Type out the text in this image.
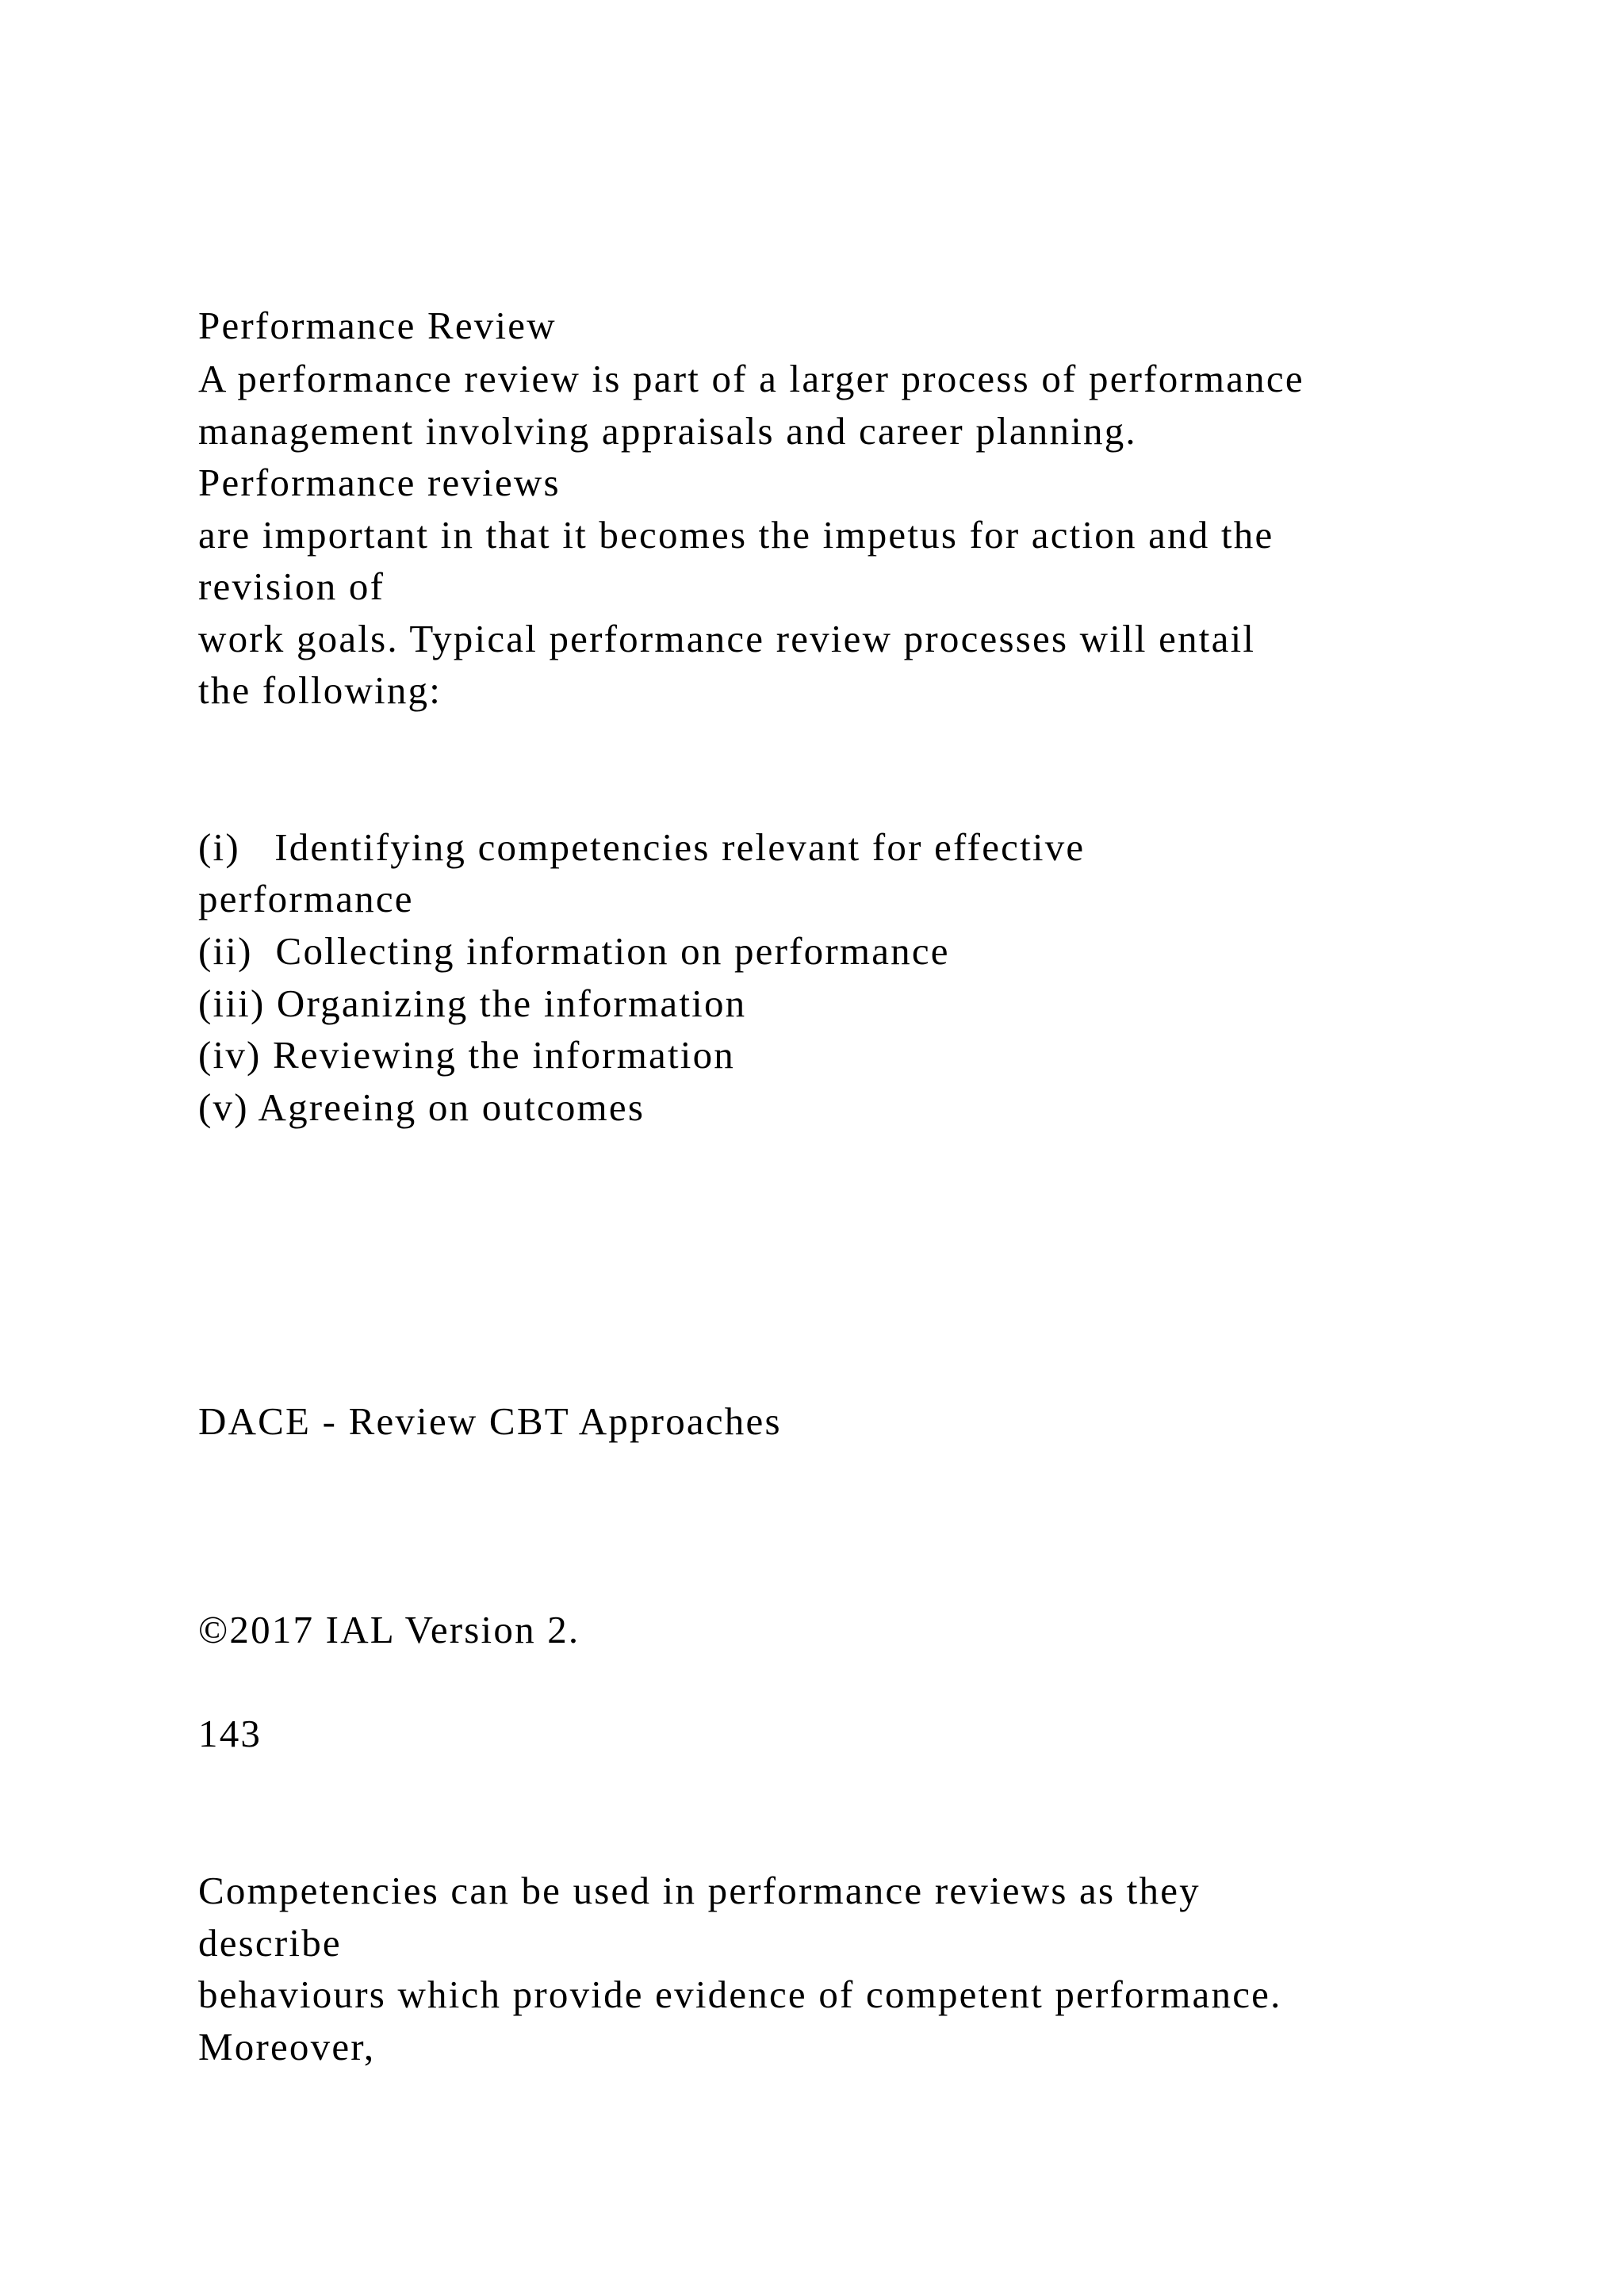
Performance Review

A performance review is part of a larger process of performance

management involving appraisals and career planning.

Performance reviews

are important in that it becomes the impetus for action and the

revision of

work goals. Typical performance review processes will entail

the following:

(i)   Identifying competencies relevant for effective

performance

(ii)  Collecting information on performance

(iii) Organizing the information

(iv) Reviewing the information

(v) Agreeing on outcomes

DACE - Review CBT Approaches

©2017 IAL Version 2.

143

Competencies can be used in performance reviews as they

describe

behaviours which provide evidence of competent performance.

Moreover,
